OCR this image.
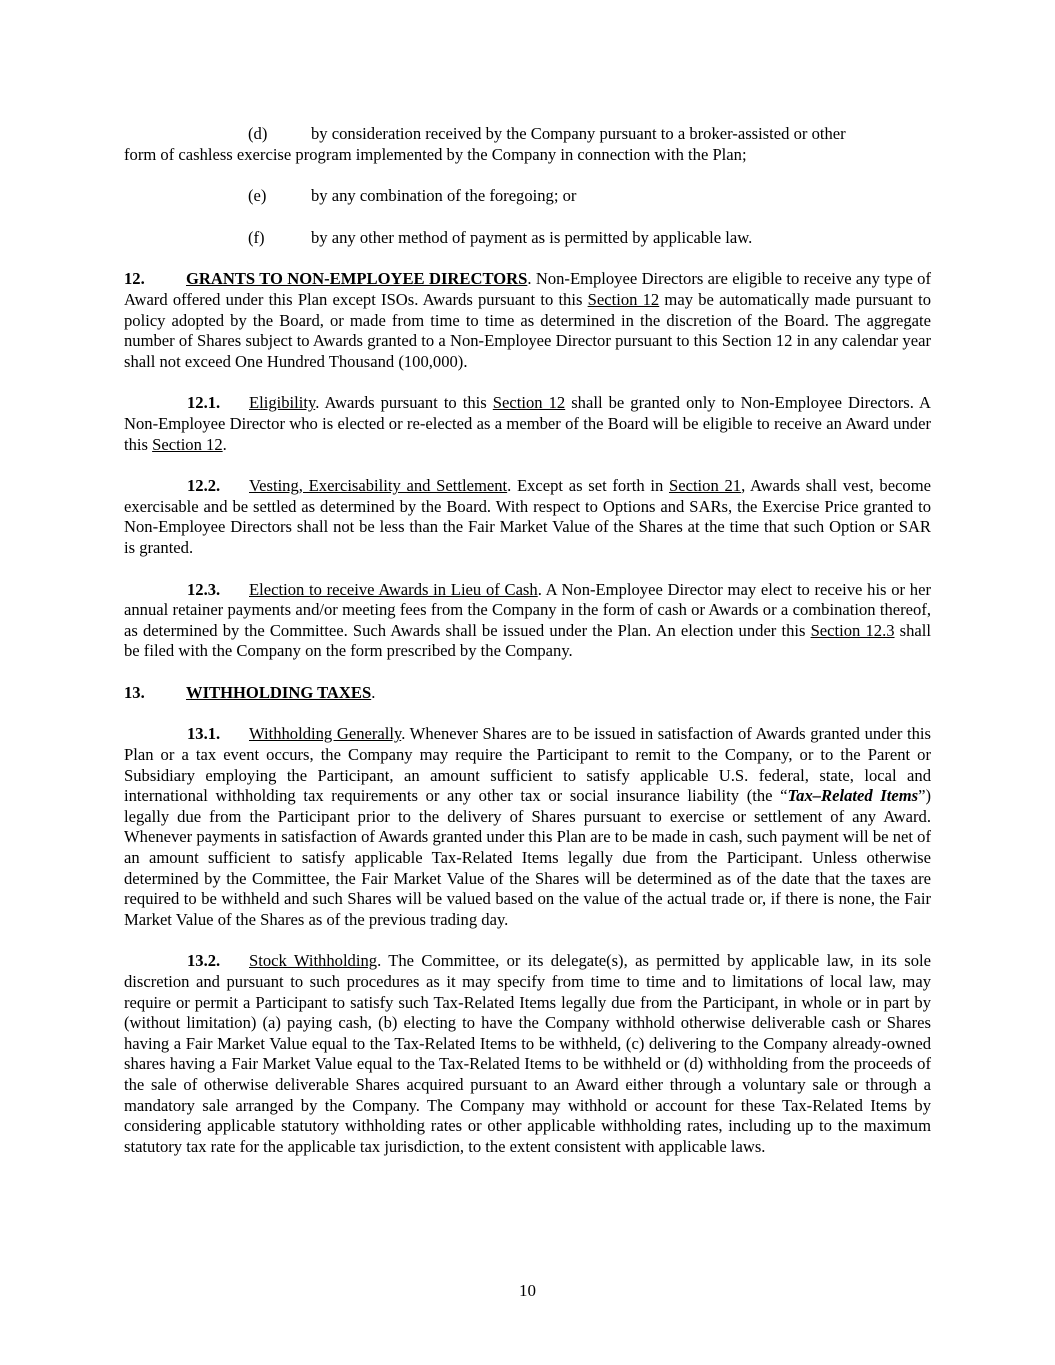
(d)	by consideration received by the Company pursuant to a broker-assisted or other
form of cashless exercise program implemented by the Company in connection with the Plan;
(e)	by any combination of the foregoing; or
(f)	by any other method of payment as is permitted by applicable law.

12. GRANTS TO NON-EMPLOYEE DIRECTORS. Non-Employee Directors are eligible to receive any type of Award offered under this Plan except ISOs. Awards pursuant to this Section 12 may be automatically made pursuant to policy adopted by the Board, or made from time to time as determined in the discretion of the Board. The aggregate number of Shares subject to Awards granted to a Non-Employee Director pursuant to this Section 12 in any calendar year shall not exceed One Hundred Thousand (100,000).

12.1. Eligibility. Awards pursuant to this Section 12 shall be granted only to Non-Employee Directors. A Non-Employee Director who is elected or re-elected as a member of the Board will be eligible to receive an Award under this Section 12.

12.2. Vesting, Exercisability and Settlement. Except as set forth in Section 21, Awards shall vest, become exercisable and be settled as determined by the Board. With respect to Options and SARs, the Exercise Price granted to Non-Employee Directors shall not be less than the Fair Market Value of the Shares at the time that such Option or SAR is granted.

12.3. Election to receive Awards in Lieu of Cash. A Non-Employee Director may elect to receive his or her annual retainer payments and/or meeting fees from the Company in the form of cash or Awards or a combination thereof, as determined by the Committee. Such Awards shall be issued under the Plan. An election under this Section 12.3 shall be filed with the Company on the form prescribed by the Company.

13. WITHHOLDING TAXES.

13.1. Withholding Generally. Whenever Shares are to be issued in satisfaction of Awards granted under this Plan or a tax event occurs, the Company may require the Participant to remit to the Company, or to the Parent or Subsidiary employing the Participant, an amount sufficient to satisfy applicable U.S. federal, state, local and international withholding tax requirements or any other tax or social insurance liability (the “Tax–Related Items”) legally due from the Participant prior to the delivery of Shares pursuant to exercise or settlement of any Award. Whenever payments in satisfaction of Awards granted under this Plan are to be made in cash, such payment will be net of an amount sufficient to satisfy applicable Tax-Related Items legally due from the Participant. Unless otherwise determined by the Committee, the Fair Market Value of the Shares will be determined as of the date that the taxes are required to be withheld and such Shares will be valued based on the value of the actual trade or, if there is none, the Fair Market Value of the Shares as of the previous trading day.

13.2. Stock Withholding. The Committee, or its delegate(s), as permitted by applicable law, in its sole discretion and pursuant to such procedures as it may specify from time to time and to limitations of local law, may require or permit a Participant to satisfy such Tax-Related Items legally due from the Participant, in whole or in part by (without limitation) (a) paying cash, (b) electing to have the Company withhold otherwise deliverable cash or Shares having a Fair Market Value equal to the Tax-Related Items to be withheld, (c) delivering to the Company already-owned shares having a Fair Market Value equal to the Tax-Related Items to be withheld or (d) withholding from the proceeds of the sale of otherwise deliverable Shares acquired pursuant to an Award either through a voluntary sale or through a mandatory sale arranged by the Company. The Company may withhold or account for these Tax-Related Items by considering applicable statutory withholding rates or other applicable withholding rates, including up to the maximum statutory tax rate for the applicable tax jurisdiction, to the extent consistent with applicable laws.

10
